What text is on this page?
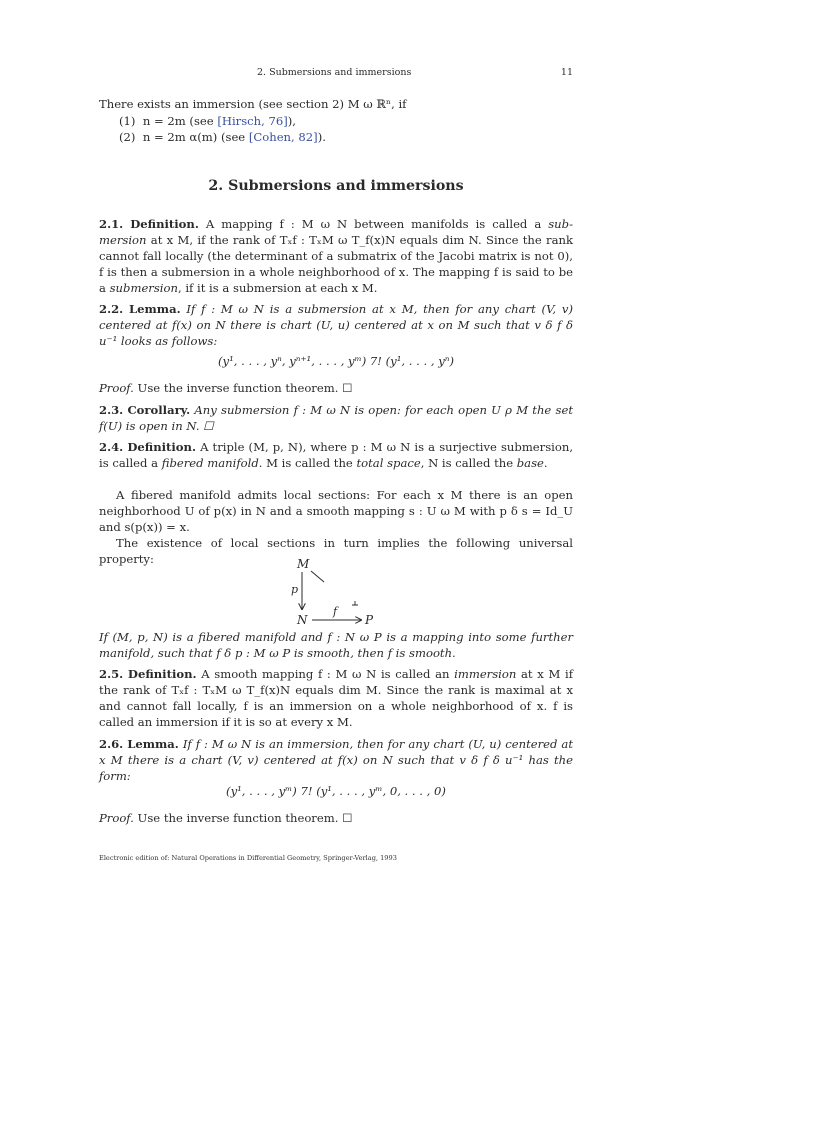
2. Submersions and immersions	11
There exists an immersion (see section 2) M ω ℝⁿ, if
(1) n = 2m (see [Hirsch, 76]),
(2) n = 2m α(m) (see [Cohen, 82]).
2. Submersions and immersions
2.1. Definition. A mapping f : M ω N between manifolds is called a sub-mersion at x M, if the rank of Tₓf : TₓM ω T_f(x)N equals dim N. Since the rank cannot fall locally (the determinant of a submatrix of the Jacobi matrix is not 0), f is then a submersion in a whole neighborhood of x. The mapping f is said to be a submersion, if it is a submersion at each x M.
2.2. Lemma. If f : M ω N is a submersion at x M, then for any chart (V, v) centered at f(x) on N there is chart (U, u) centered at x on M such that v δ f δ u⁻¹ looks as follows:
(y¹, . . . , yⁿ, yⁿ⁺¹, . . . , yᵐ) 7! (y¹, . . . , yⁿ)
Proof. Use the inverse function theorem. ☐
2.3. Corollary. Any submersion f : M ω N is open: for each open U ρ M the set f(U) is open in N. ☐
2.4. Definition. A triple (M, p, N), where p : M ω N is a surjective submersion, is called a fibered manifold. M is called the total space, N is called the base.
A fibered manifold admits local sections: For each x M there is an open neighborhood U of p(x) in N and a smooth mapping s : U ω M with p δ s = Id_U and s(p(x)) = x.
The existence of local sections in turn implies the following universal property:	M
N	P
p
f
If (M, p, N) is a fibered manifold and f : N ω P is a mapping into some further manifold, such that f δ p : M ω P is smooth, then f is smooth.
2.5. Definition. A smooth mapping f : M ω N is called an immersion at x M if the rank of Tₓf : TₓM ω T_f(x)N equals dim M. Since the rank is maximal at x and cannot fall locally, f is an immersion on a whole neighborhood of x. f is called an immersion if it is so at every x M.
2.6. Lemma. If f : M ω N is an immersion, then for any chart (U, u) centered at x M there is a chart (V, v) centered at f(x) on N such that v δ f δ u⁻¹ has the form:
(y¹, . . . , yᵐ) 7! (y¹, . . . , yᵐ, 0, . . . , 0)
Proof. Use the inverse function theorem. ☐
Electronic edition of: Natural Operations in Differential Geometry, Springer-Verlag, 1993
